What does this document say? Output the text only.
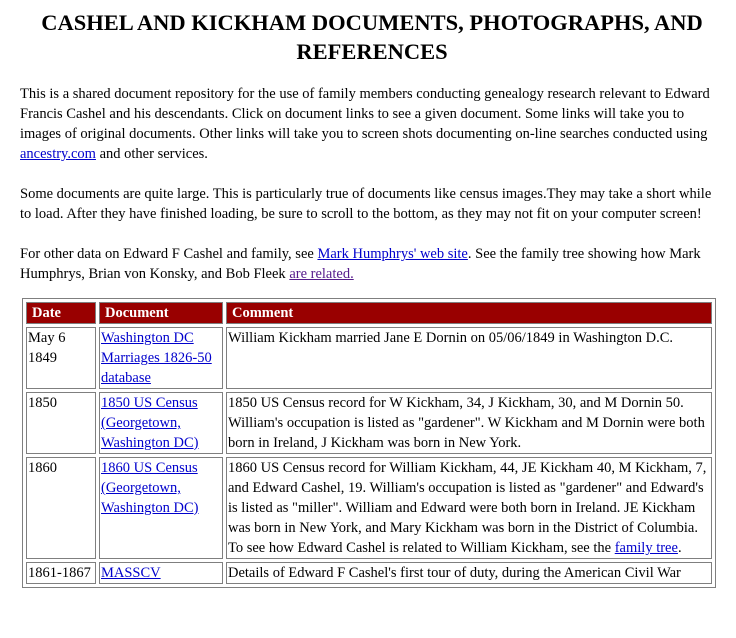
CASHEL AND KICKHAM DOCUMENTS, PHOTOGRAPHS, AND REFERENCES

This is a shared document repository for the use of family members conducting genealogy research relevant to Edward Francis Cashel and his descendants. Click on document links to see a given document. Some links will take you to images of original documents. Other links will take you to screen shots documenting on-line searches conducted using ancestry.com and other services.

Some documents are quite large. This is particularly true of documents like census images.They may take a short while to load. After they have finished loading, be sure to scroll to the bottom, as they may not fit on your computer screen!

For other data on Edward F Cashel and family, see Mark Humphrys' web site. See the family tree showing how Mark Humphrys, Brian von Konsky, and Bob Fleek are related.

Date	Document	Comment
May 6 1849	Washington DC Marriages 1826-50 database	William Kickham married Jane E Dornin on 05/06/1849 in Washington D.C.
1850	1850 US Census (Georgetown, Washington DC)	1850 US Census record for W Kickham, 34, J Kickham, 30, and M Dornin 50. William's occupation is listed as "gardener". W Kickham and M Dornin were both born in Ireland, J Kickham was born in New York.
1860	1860 US Census (Georgetown, Washington DC)	1860 US Census record for William Kickham, 44, JE Kickham 40, M Kickham, 7, and Edward Cashel, 19. William's occupation is listed as "gardener" and Edward's is listed as "miller". William and Edward were both born in Ireland. JE Kickham was born in New York, and Mary Kickham was born in the District of Columbia. To see how Edward Cashel is related to William Kickham, see the family tree.
1861-1867	MASSCV	Details of Edward F Cashel's first tour of duty, during the American Civil War
